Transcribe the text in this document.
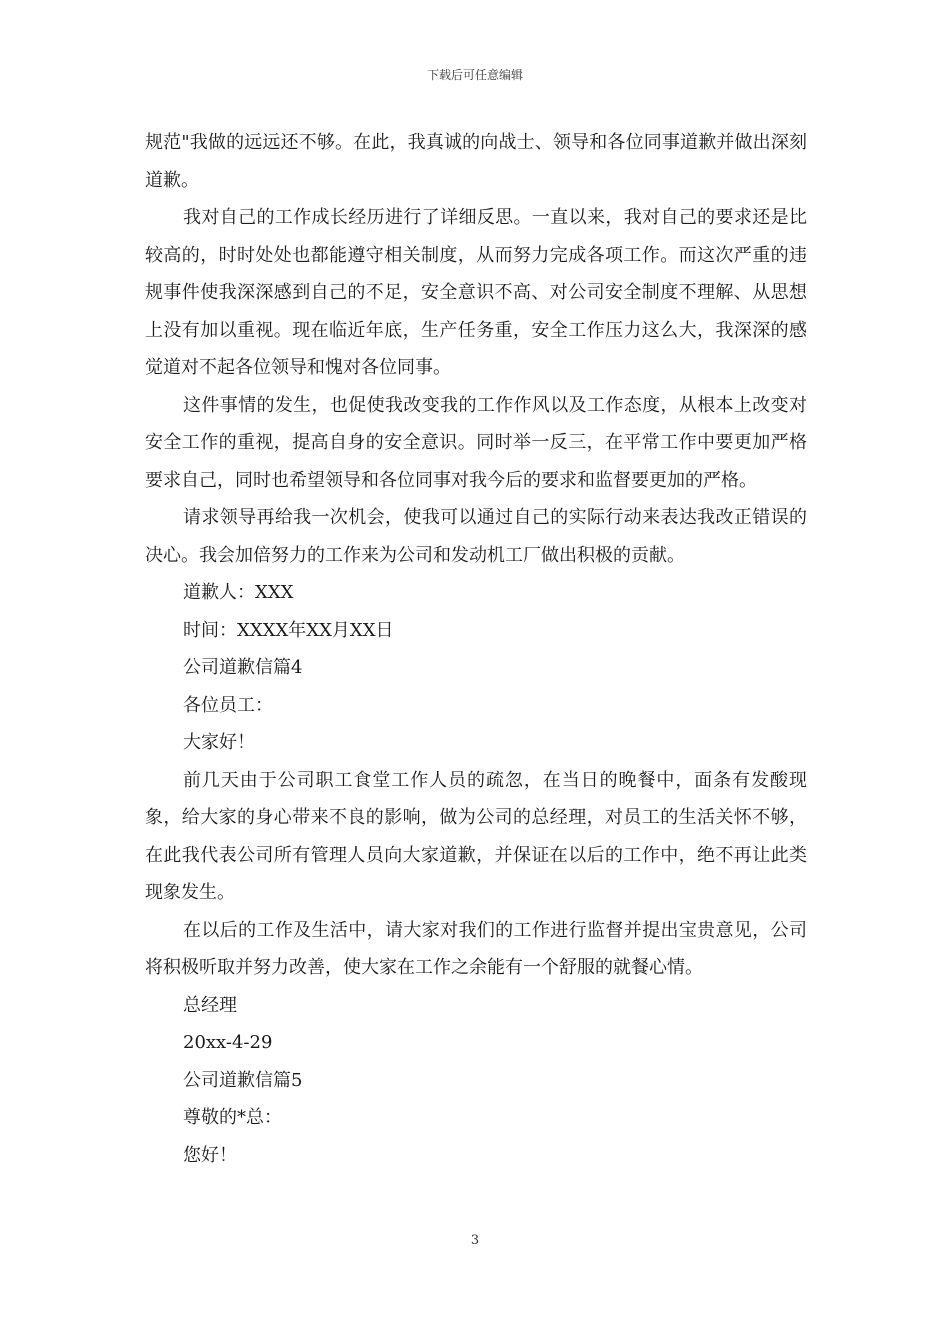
下载后可任意编辑

规范"我做的远远还不够。在此，我真诚的向战士、领导和各位同事道歉并做出深刻道歉。

我对自己的工作成长经历进行了详细反思。一直以来，我对自己的要求还是比较高的，时时处处也都能遵守相关制度，从而努力完成各项工作。而这次严重的违规事件使我深深感到自己的不足，安全意识不高、对公司安全制度不理解、从思想上没有加以重视。现在临近年底，生产任务重，安全工作压力这么大，我深深的感觉道对不起各位领导和愧对各位同事。

这件事情的发生，也促使我改变我的工作作风以及工作态度，从根本上改变对安全工作的重视，提高自身的安全意识。同时举一反三，在平常工作中要更加严格要求自己，同时也希望领导和各位同事对我今后的要求和监督要更加的严格。

请求领导再给我一次机会，使我可以通过自己的实际行动来表达我改正错误的决心。我会加倍努力的工作来为公司和发动机工厂做出积极的贡献。

道歉人：XXX

时间：XXXX年XX月XX日

公司道歉信篇4

各位员工：

大家好！

前几天由于公司职工食堂工作人员的疏忽，在当日的晚餐中，面条有发酸现象，给大家的身心带来不良的影响，做为公司的总经理，对员工的生活关怀不够，在此我代表公司所有管理人员向大家道歉，并保证在以后的工作中，绝不再让此类现象发生。

在以后的工作及生活中，请大家对我们的工作进行监督并提出宝贵意见，公司将积极听取并努力改善，使大家在工作之余能有一个舒服的就餐心情。

总经理

20xx-4-29

公司道歉信篇5

尊敬的*总：

您好！

3
